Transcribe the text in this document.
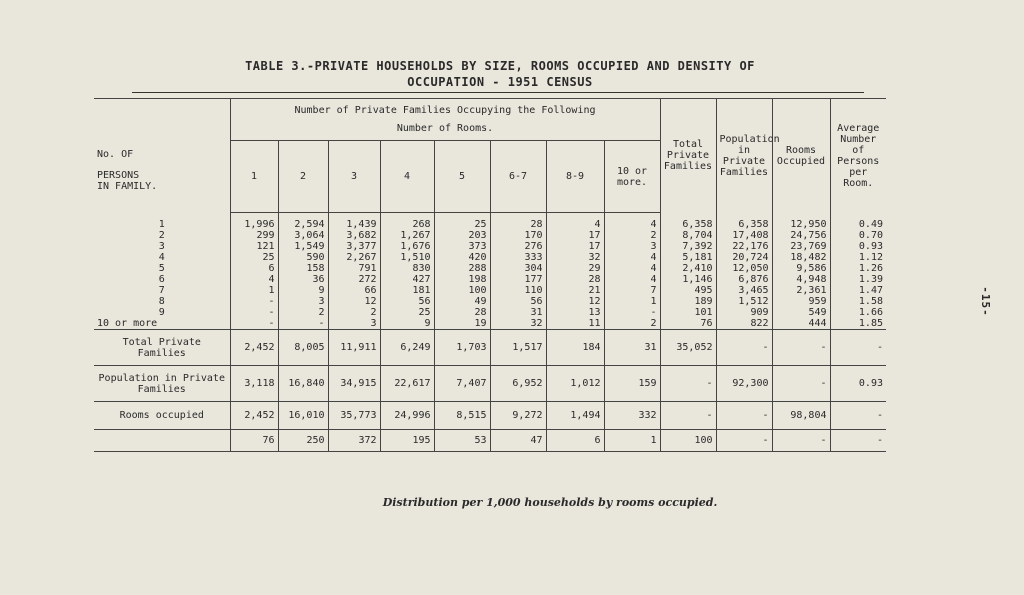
TABLE 3.-PRIVATE HOUSEHOLDS BY SIZE, ROOMS OCCUPIED AND DENSITY OF
OCCUPATION - 1951 CENSUS
No. OF
PERSONS
IN FAMILY.	Number of Private Families Occupying the Following Number of Rooms.								Total Private Families	Population in Private Families	Rooms Occupied	Average Number of Persons per Room.
	1	2	3	4	5	6-7	8-9	10 or more.				
1	1,996	2,594	1,439	268	25	28	4	4	6,358	6,358	12,950	0.49
2	299	3,064	3,682	1,267	203	170	17	2	8,704	17,408	24,756	0.70
3	121	1,549	3,377	1,676	373	276	17	3	7,392	22,176	23,769	0.93
4	25	590	2,267	1,510	420	333	32	4	5,181	20,724	18,482	1.12
5	6	158	791	830	288	304	29	4	2,410	12,050	9,586	1.26
6	4	36	272	427	198	177	28	4	1,146	6,876	4,948	1.39
7	1	9	66	181	100	110	21	7	495	3,465	2,361	1.47
8	-	3	12	56	49	56	12	1	189	1,512	959	1.58
9	-	2	2	25	28	31	13	-	101	909	549	1.66
10 or more	-	-	3	9	19	32	11	2	76	822	444	1.85
Total Private Families	2,452	8,005	11,911	6,249	1,703	1,517	184	31	35,052	-	-	-
Population in Private Families	3,118	16,840	34,915	22,617	7,407	6,952	1,012	159	-	92,300	-	0.93
Rooms occupied	2,452	16,010	35,773	24,996	8,515	9,272	1,494	332	-	-	98,804	-
	76	250	372	195	53	47	6	1	100	-	-	-
Distribution per 1,000 households by rooms occupied.
-15-
